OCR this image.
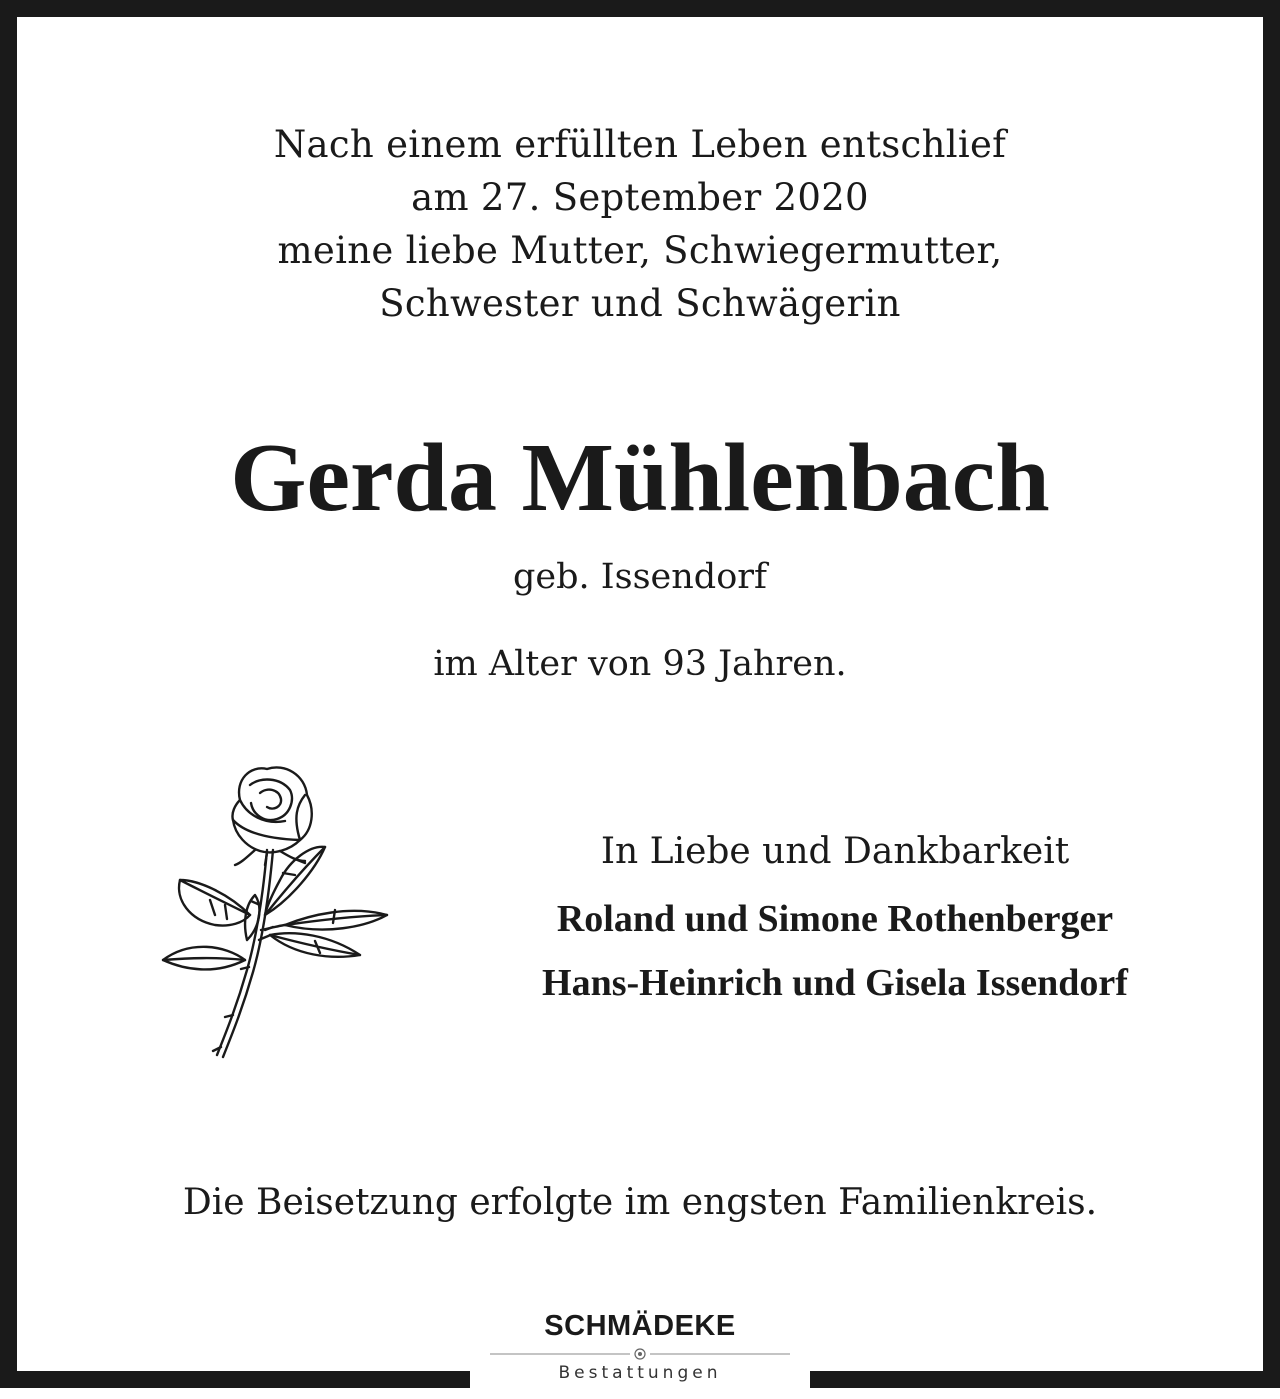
Nach einem erfüllten Leben entschlief
am 27. September 2020
meine liebe Mutter, Schwiegermutter,
Schwester und Schwägerin
Gerda Mühlenbach
geb. Issendorf
im Alter von 93 Jahren.
In Liebe und Dankbarkeit
Roland und Simone Rothenberger
Hans-Heinrich und Gisela Issendorf
Die Beisetzung erfolgte im engsten Familienkreis.
SCHMÄDEKE
Bestattungen
